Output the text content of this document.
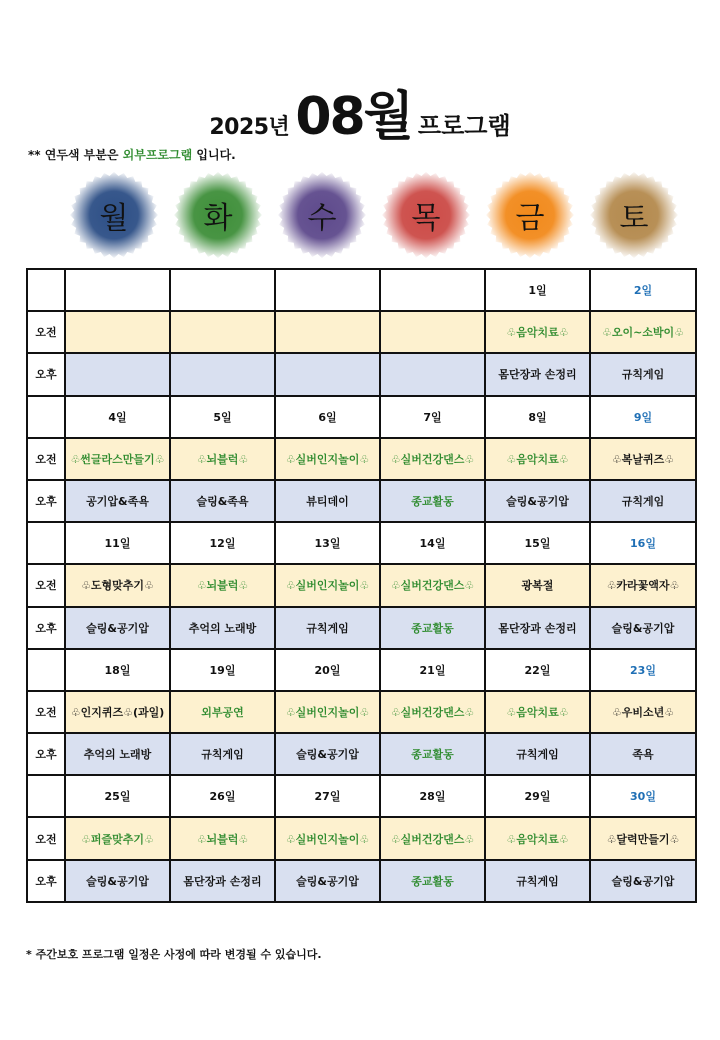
2025년 08월 프로그램
** 연두색 부분은 외부프로그램 입니다.
월	화	수	목	금	토
					1일	2일
오전					♧음악치료♧	♧오이~소박이♧
오후					몸단장과 손정리	규칙게임
	4일	5일	6일	7일	8일	9일
오전	♧썬글라스만들기♧	♧뇌블럭♧	♧실버인지놀이♧	♧실버건강댄스♧	♧음악치료♧	♧복날퀴즈♧
오후	공기압&족욕	슬링&족욕	뷰티데이	종교활동	슬링&공기압	규칙게임
	11일	12일	13일	14일	15일	16일
오전	♧도형맞추기♧	♧뇌블럭♧	♧실버인지놀이♧	♧실버건강댄스♧	광복절	♧카라꽃액자♧
오후	슬링&공기압	추억의 노래방	규칙게임	종교활동	몸단장과 손정리	슬링&공기압
	18일	19일	20일	21일	22일	23일
오전	♧인지퀴즈♧(과일)	외부공연	♧실버인지놀이♧	♧실버건강댄스♧	♧음악치료♧	♧우비소년♧
오후	추억의 노래방	규칙게임	슬링&공기압	종교활동	규칙게임	족욕
	25일	26일	27일	28일	29일	30일
오전	♧퍼즐맞추기♧	♧뇌블럭♧	♧실버인지놀이♧	♧실버건강댄스♧	♧음악치료♧	♧달력만들기♧
오후	슬링&공기압	몸단장과 손정리	슬링&공기압	종교활동	규칙게임	슬링&공기압
* 주간보호 프로그램 일정은 사정에 따라 변경될 수 있습니다.
